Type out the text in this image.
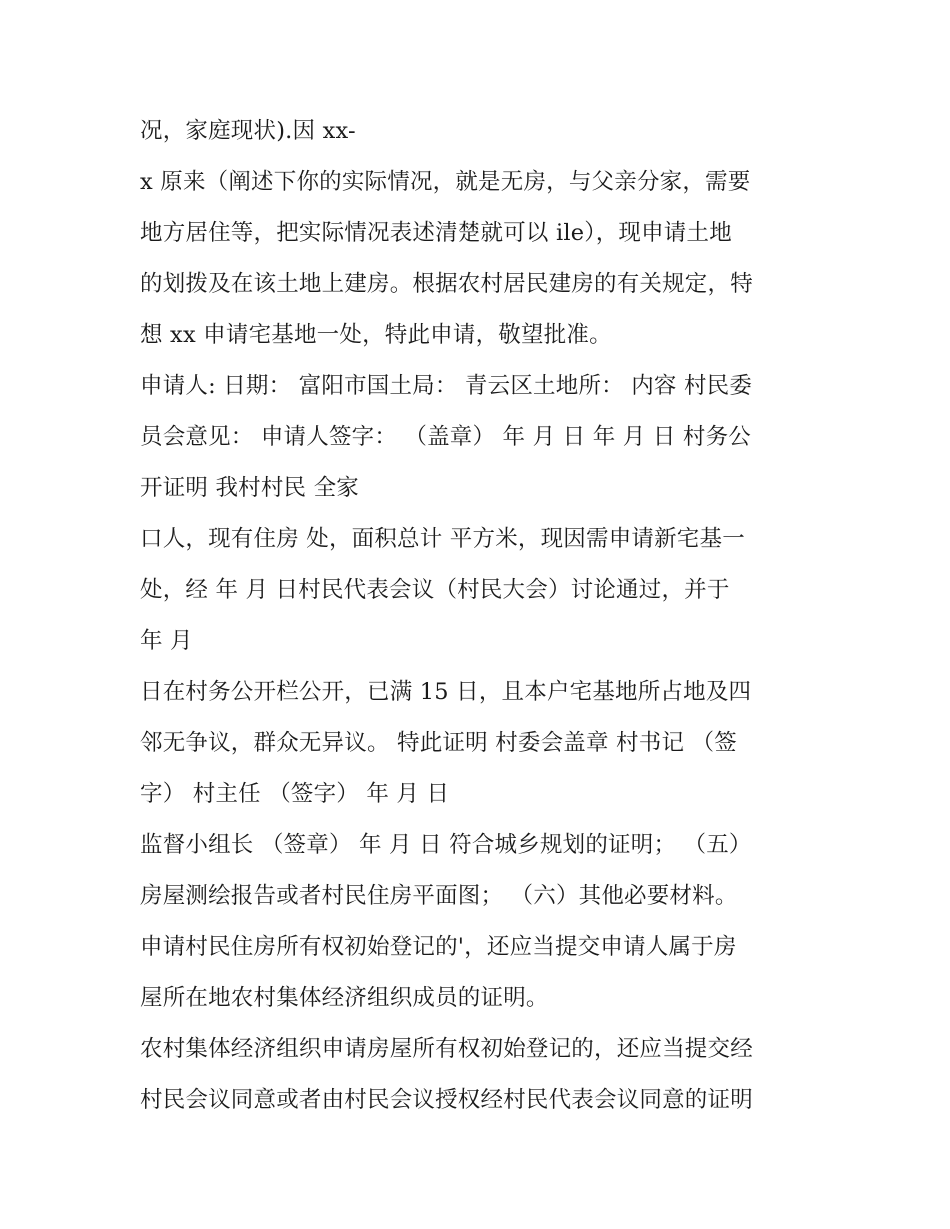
况，家庭现状).因 xx-
x 原来（阐述下你的实际情况，就是无房，与父亲分家，需要
地方居住等，把实际情况表述清楚就可以 ile），现申请土地
的划拨及在该土地上建房。根据农村居民建房的有关规定，特
想 xx 申请宅基地一处，特此申请，敬望批准。
申请人: 日期： 富阳市国土局： 青云区土地所： 内容 村民委
员会意见： 申请人签字： （盖章） 年 月 日 年 月 日 村务公
开证明 我村村民 全家
口人，现有住房 处，面积总计 平方米，现因需申请新宅基一
处，经 年 月 日村民代表会议（村民大会）讨论通过，并于
年 月
日在村务公开栏公开，已满 15 日，且本户宅基地所占地及四
邻无争议，群众无异议。 特此证明 村委会盖章 村书记 （签
字） 村主任 （签字） 年 月 日
监督小组长 （签章） 年 月 日 符合城乡规划的证明； （五）
房屋测绘报告或者村民住房平面图； （六）其他必要材料。
申请村民住房所有权初始登记的'，还应当提交申请人属于房
屋所在地农村集体经济组织成员的证明。
农村集体经济组织申请房屋所有权初始登记的，还应当提交经
村民会议同意或者由村民会议授权经村民代表会议同意的证明
